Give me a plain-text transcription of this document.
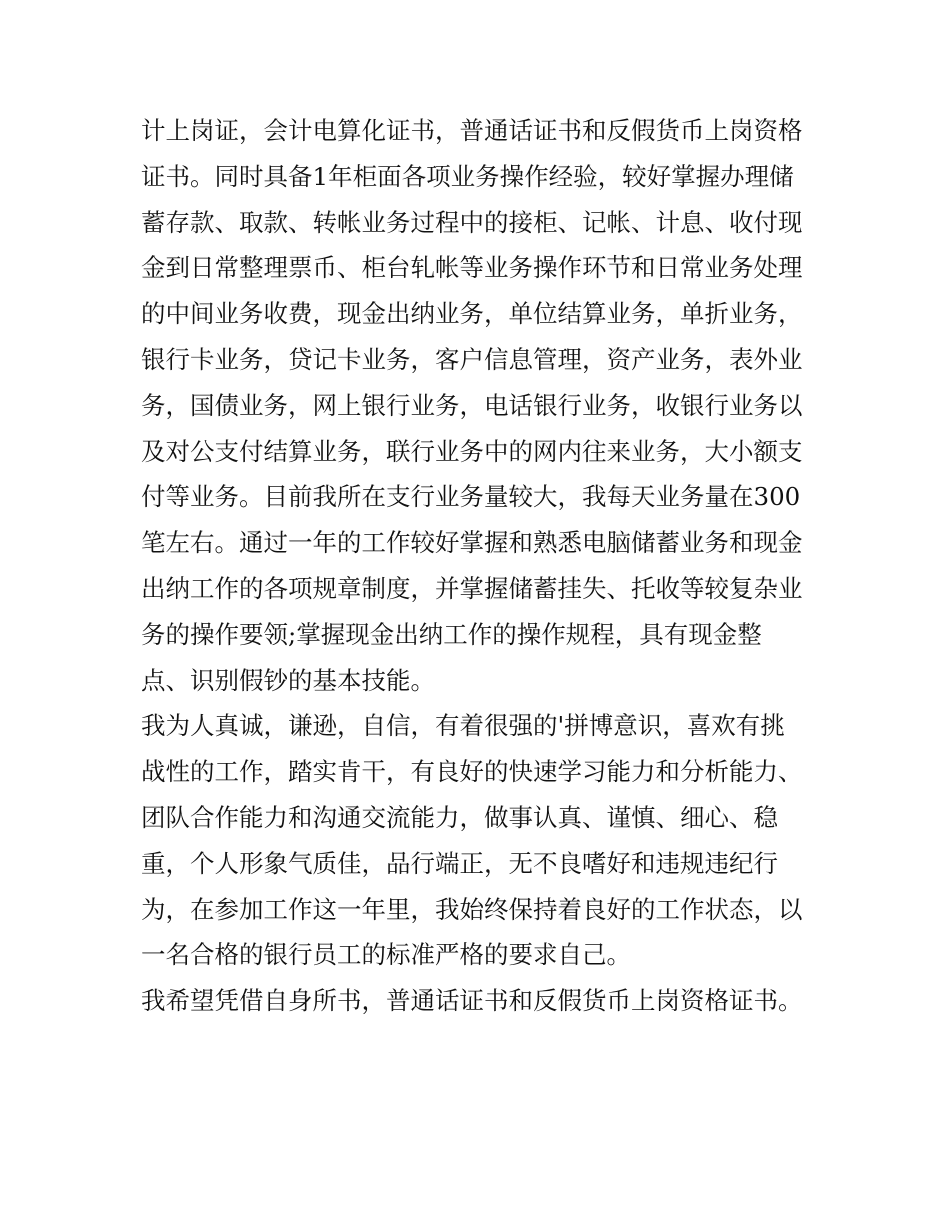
计上岗证，会计电算化证书，普通话证书和反假货币上岗资格
证书。同时具备1年柜面各项业务操作经验，较好掌握办理储
蓄存款、取款、转帐业务过程中的接柜、记帐、计息、收付现
金到日常整理票币、柜台轧帐等业务操作环节和日常业务处理
的中间业务收费，现金出纳业务，单位结算业务，单折业务，
银行卡业务，贷记卡业务，客户信息管理，资产业务，表外业
务，国债业务，网上银行业务，电话银行业务，收银行业务以
及对公支付结算业务，联行业务中的网内往来业务，大小额支
付等业务。目前我所在支行业务量较大，我每天业务量在300
笔左右。通过一年的工作较好掌握和熟悉电脑储蓄业务和现金
出纳工作的各项规章制度，并掌握储蓄挂失、托收等较复杂业
务的操作要领;掌握现金出纳工作的操作规程，具有现金整
点、识别假钞的基本技能。
我为人真诚，谦逊，自信，有着很强的'拼博意识，喜欢有挑
战性的工作，踏实肯干，有良好的快速学习能力和分析能力、
团队合作能力和沟通交流能力，做事认真、谨慎、细心、稳
重，个人形象气质佳，品行端正，无不良嗜好和违规违纪行
为，在参加工作这一年里，我始终保持着良好的工作状态，以
一名合格的银行员工的标准严格的要求自己。
我希望凭借自身所书，普通话证书和反假货币上岗资格证书。
